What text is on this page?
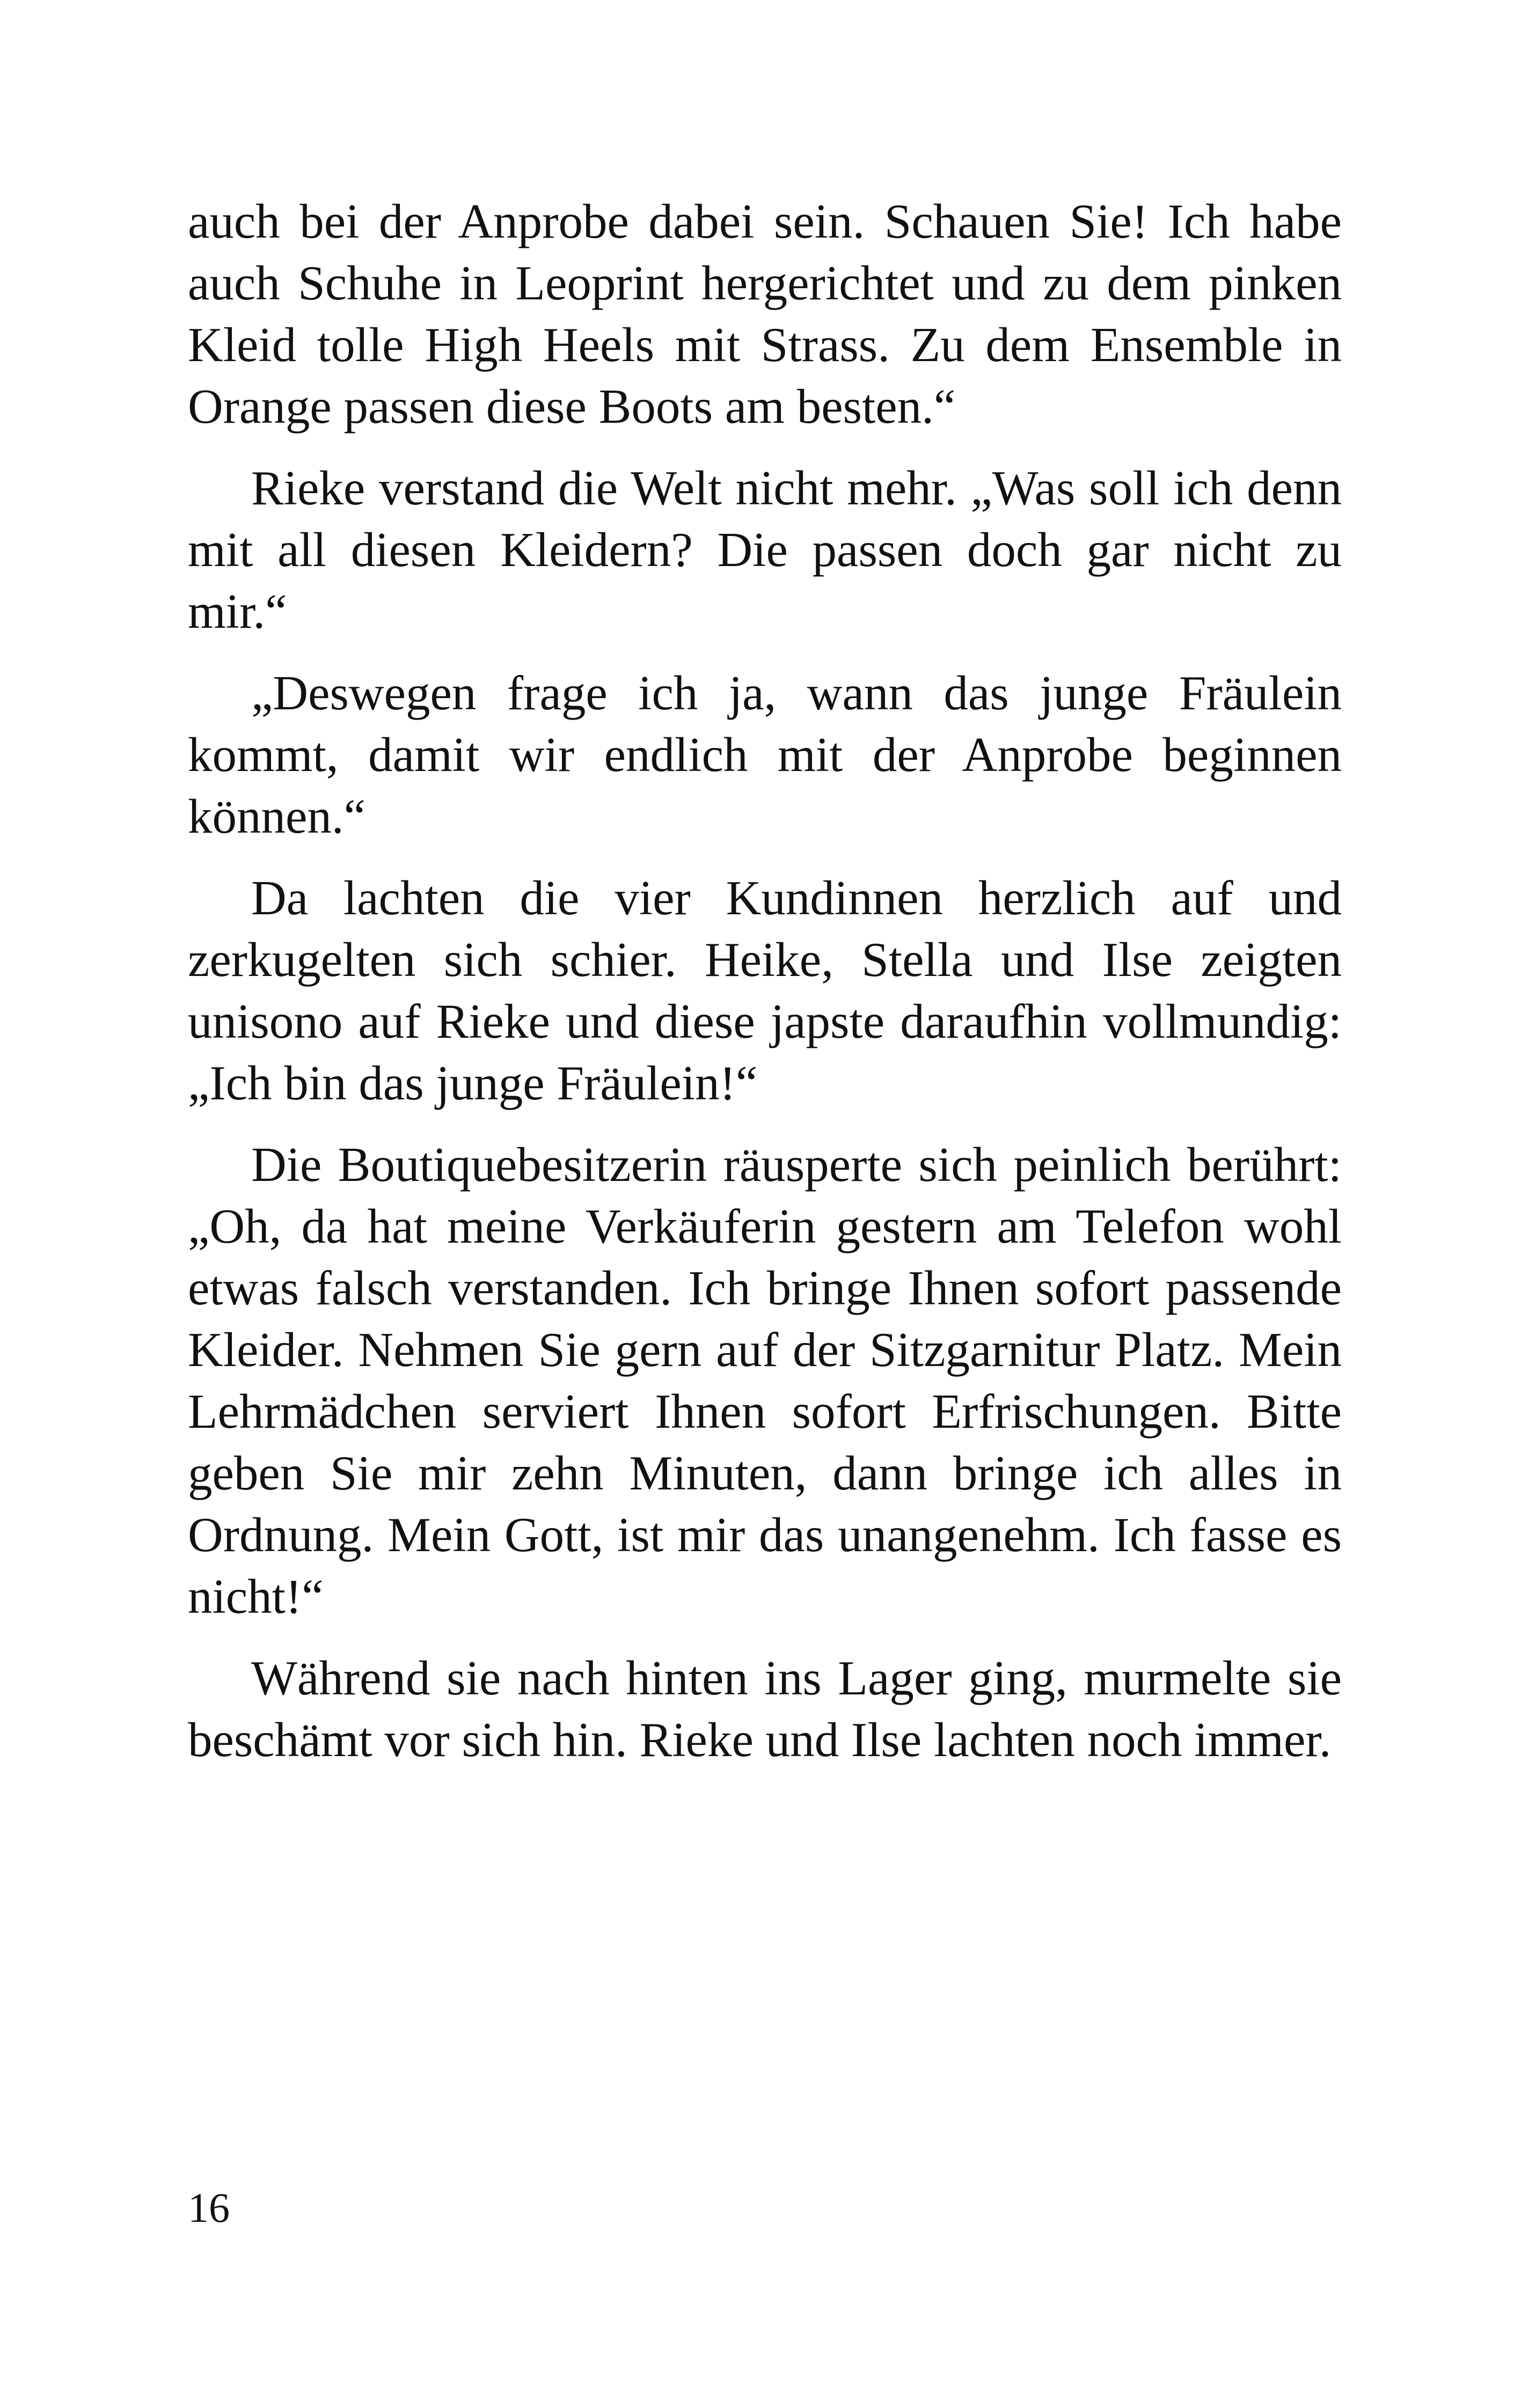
auch bei der Anprobe dabei sein. Schauen Sie! Ich habe auch Schuhe in Leoprint hergerichtet und zu dem pinken Kleid tolle High Heels mit Strass. Zu dem Ensemble in Orange passen diese Boots am besten.“

Rieke verstand die Welt nicht mehr. „Was soll ich denn mit all diesen Kleidern? Die passen doch gar nicht zu mir.“

„Deswegen frage ich ja, wann das junge Fräulein kommt, damit wir endlich mit der Anprobe beginnen können.“

Da lachten die vier Kundinnen herzlich auf und zerkugelten sich schier. Heike, Stella und Ilse zeigten unisono auf Rieke und diese japste daraufhin vollmundig: „Ich bin das junge Fräulein!“

Die Boutiquebesitzerin räusperte sich peinlich berührt: „Oh, da hat meine Verkäuferin gestern am Telefon wohl etwas falsch verstanden. Ich bringe Ihnen sofort passende Kleider. Nehmen Sie gern auf der Sitzgarnitur Platz. Mein Lehrmädchen serviert Ihnen sofort Erfrischungen. Bitte geben Sie mir zehn Minuten, dann bringe ich alles in Ordnung. Mein Gott, ist mir das unangenehm. Ich fasse es nicht!“

Während sie nach hinten ins Lager ging, murmelte sie beschämt vor sich hin. Rieke und Ilse lachten noch immer.

16
